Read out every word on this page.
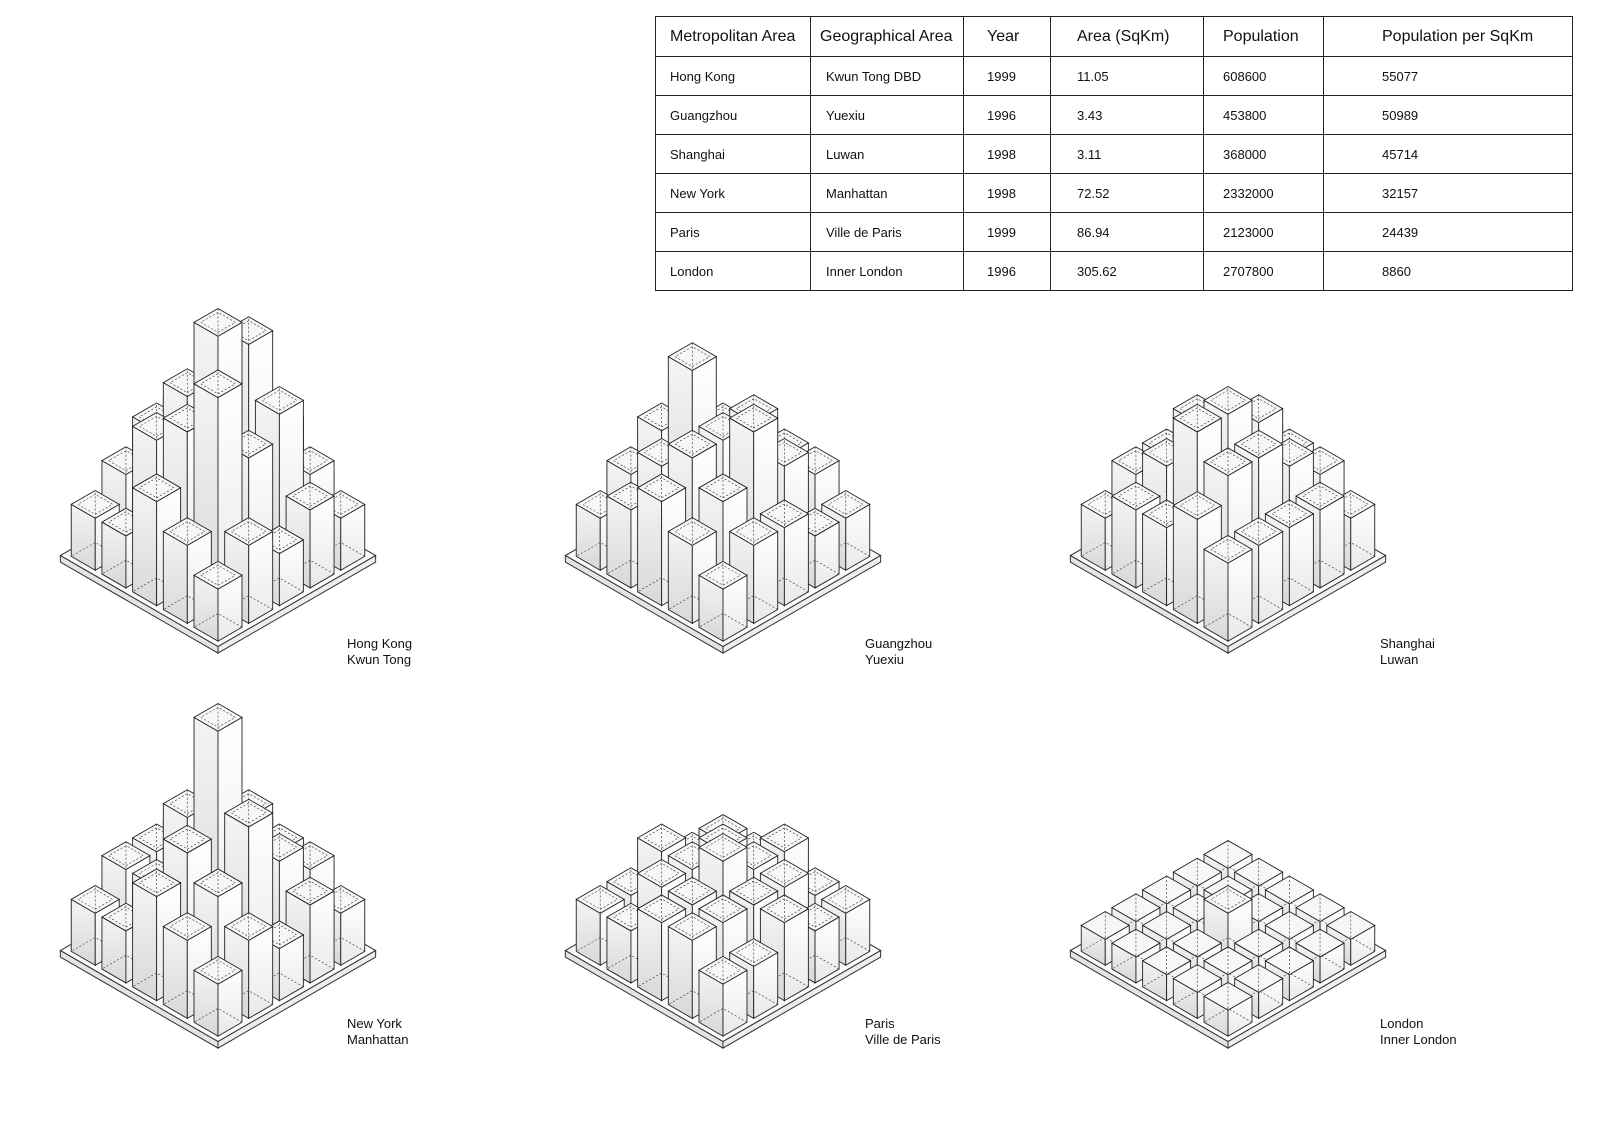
Metropolitan Area	Geographical Area	Year	Area (SqKm)	Population	Population per SqKm
Hong Kong	Kwun Tong DBD	1999	11.05	608600	55077
Guangzhou	Yuexiu	1996	3.43	453800	50989
Shanghai	Luwan	1998	3.11	368000	45714
New York	Manhattan	1998	72.52	2332000	32157
Paris	Ville de Paris	1999	86.94	2123000	24439
London	Inner London	1996	305.62	2707800	8860
Hong Kong
Kwun Tong
Guangzhou
Yuexiu
Shanghai
Luwan
New York
Manhattan
Paris
Ville de Paris
London
Inner London
